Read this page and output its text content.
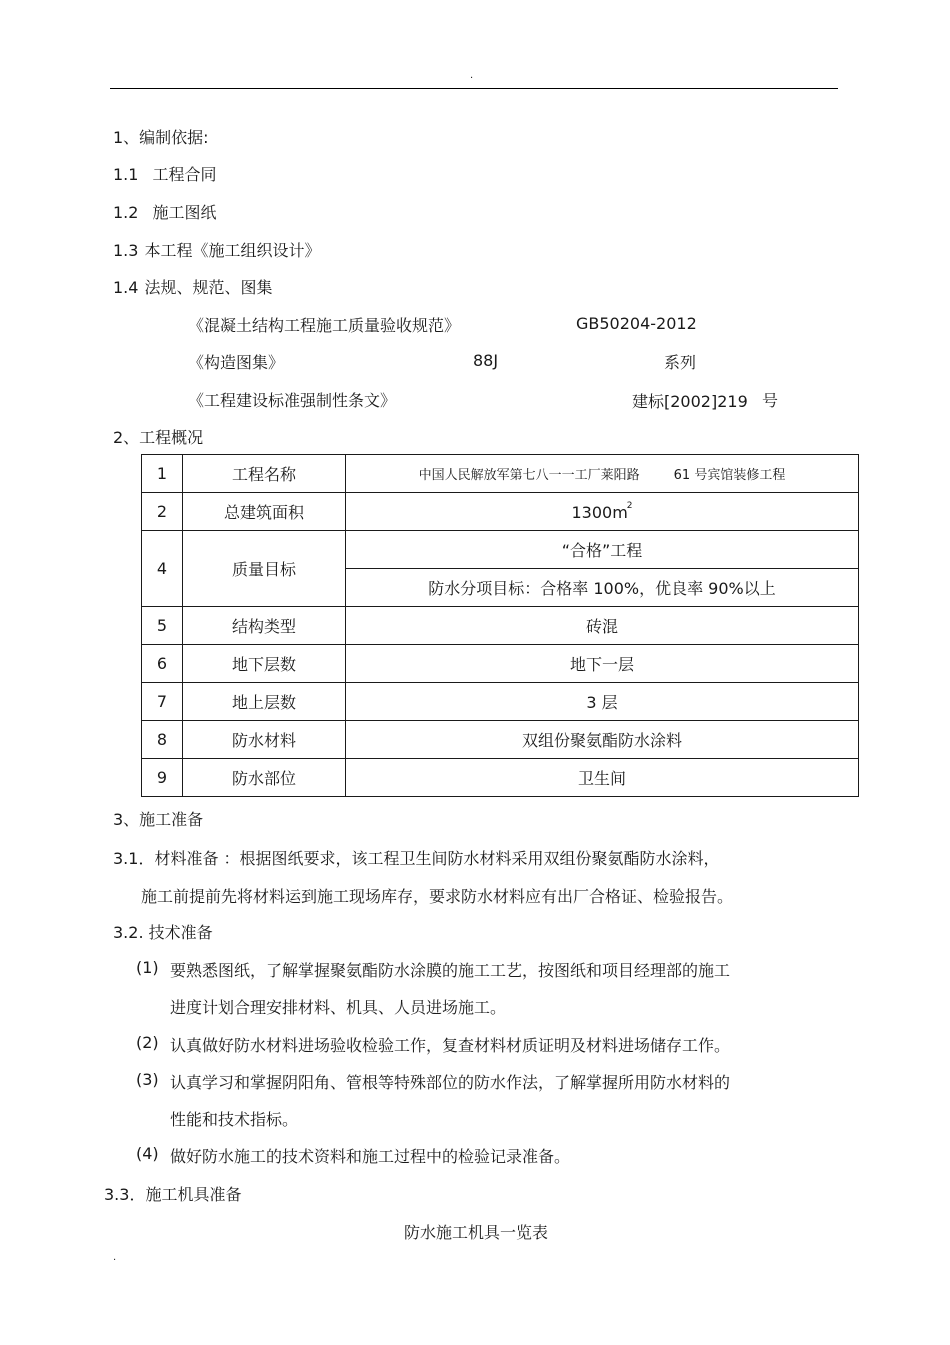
.
1、编制依据:
1.1 工程合同
1.2 施工图纸
1.3 本工程《施工组织设计》
1.4 法规、规范、图集
《混凝土结构工程施工质量验收规范》	GB50204-2012
《构造图集》	88J	系列
《工程建设标准强制性条文》	建标[2002]219 号
2、工程概况
1	工程名称	中国人民解放军第七八一一工厂莱阳路 61 号宾馆装修工程
2	总建筑面积	$1300m^2$
4	质量目标	“合格”工程
		防水分项目标：合格率 100%，优良率 90%以上
5	结构类型	砖混
6	地下层数	地下一层
7	地上层数	3 层
8	防水材料	双组份聚氨酯防水涂料
9	防水部位	卫生间
3、施工准备
3.1．材料准备 ：根据图纸要求，该工程卫生间防水材料采用双组份聚氨酯防水涂料，
施工前提前先将材料运到施工现场库存，要求防水材料应有出厂合格证、检验报告。
3.2. 技术准备
(1) 要熟悉图纸，了解掌握聚氨酯防水涂膜的施工工艺，按图纸和项目经理部的施工
进度计划合理安排材料、机具、人员进场施工。
(2) 认真做好防水材料进场验收检验工作，复查材料材质证明及材料进场储存工作。
(3) 认真学习和掌握阴阳角、管根等特殊部位的防水作法，了解掌握所用防水材料的
性能和技术指标。
(4) 做好防水施工的技术资料和施工过程中的检验记录准备。
3.3．施工机具准备
防水施工机具一览表
.
